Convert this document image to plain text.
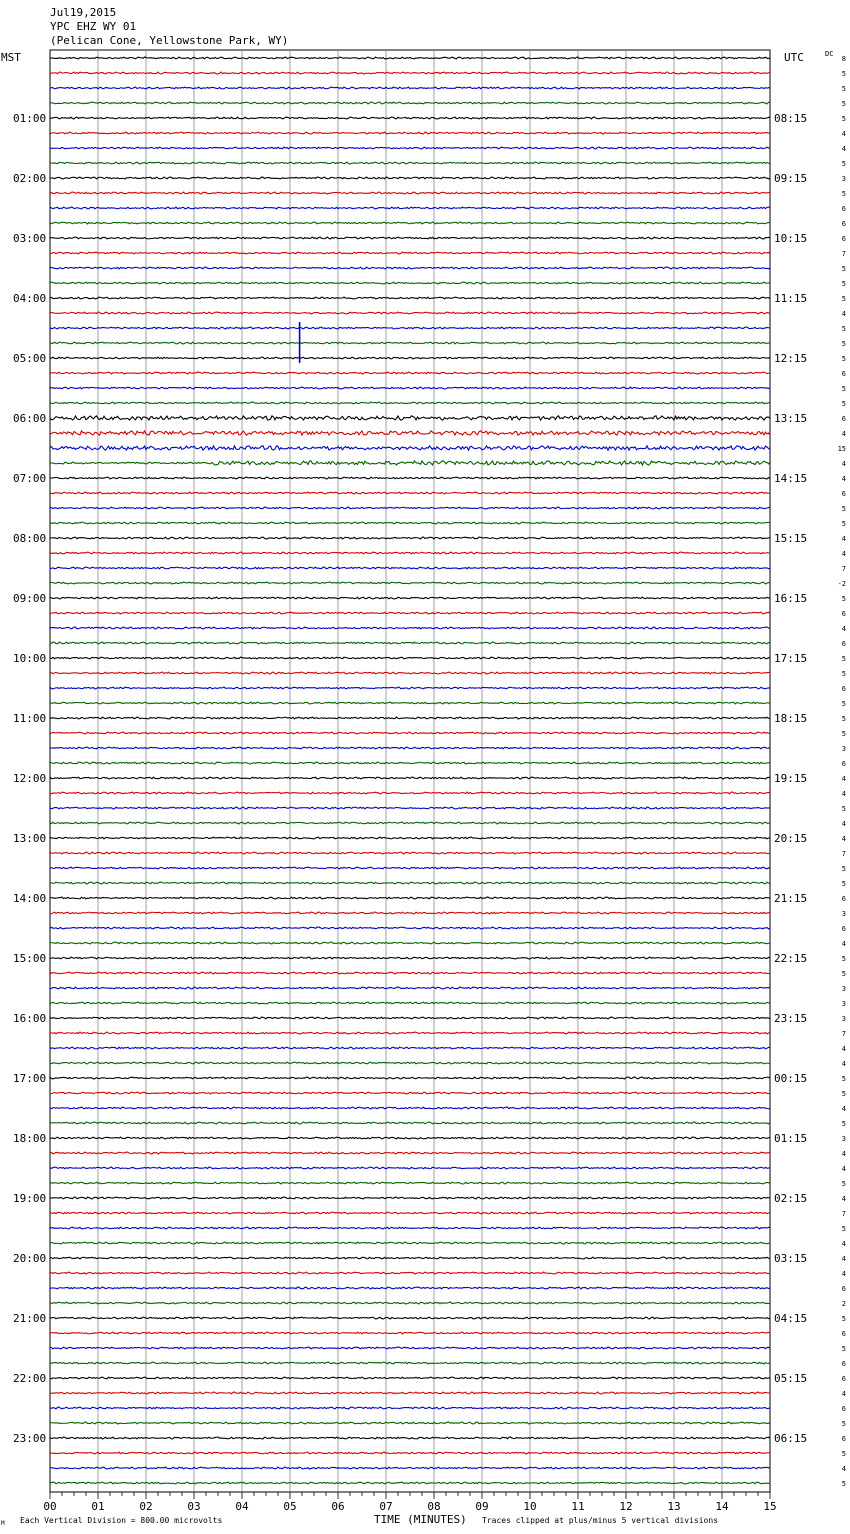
Jul19,2015
YPC EHZ WY 01
(Pelican Cone, Yellowstone Park, WY)
MST	UTC	DC
01:00
02:00
03:00
04:00
05:00
06:00
07:00
08:00
09:00
10:00
11:00
12:00
13:00
14:00
15:00
16:00
17:00
18:00
19:00
20:00
21:00
22:00
23:00
08:15
09:15
10:15
11:15
12:15
13:15
14:15
15:15
16:15
17:15
18:15
19:15
20:15
21:15
22:15
23:15
00:15
01:15
02:15
03:15
04:15
05:15
06:15
8
5
5
5
5
4
4
5
3
5
6
6
6
7
5
5
5
4
5
5
5
6
5
5
6
4
15
4
4
6
5
5
4
4
7
-2
5
6
4
6
5
5
6
5
5
5
3
6
4
4
5
4
4
7
5
5
6
3
6
4
5
5
3
3
3
7
4
4
5
5
4
5
3
4
4
5
4
7
5
4
4
4
6
2
5
6
5
6
6
4
6
5
6
5
4
5
00	01	02	03	04	05	06	07	08	09	10	11	12	13	14	15
M Each Vertical Division = 800.00 microvolts	TIME (MINUTES) Traces clipped at plus/minus 5 vertical divisions
